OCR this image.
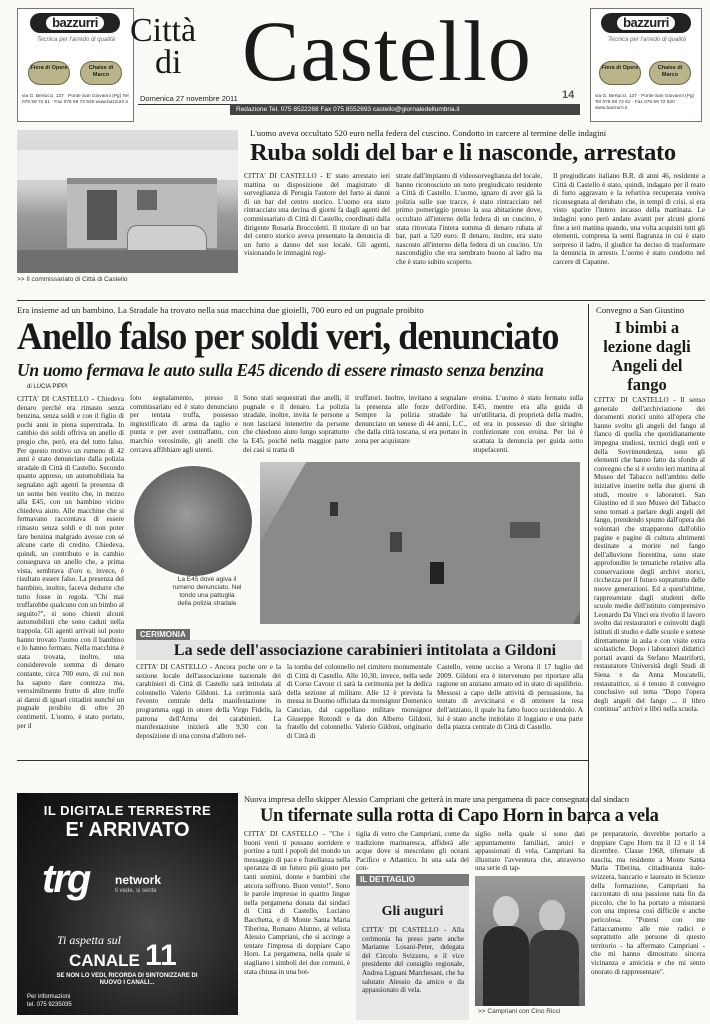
bazzurri
Tecnica per l'arredo di qualità
Fiera di Opere	Chaise di Marco
via G. Bertucci, 137 · Ponte San Giovanni (Pg) Tel 075 59 72 61 · Fax 075 59 72 620 www.bazzurri.it
bazzurri
Tecnica per l'arredo di qualità
Fiera di Opere	Chaise di Marco
via G. Bertucci, 137 · Ponte San Giovanni (Pg) Tel 075 59 72 61 · Fax 075 59 72 620 www.bazzurri.it
Città
di Castello
Domenica 27 novembre 2011	14
Redazione Tel. 075 8522268 Fax 075 8552693 castello@giornaledellumbria.it
>> Il commissariato di Città di Castello
L'uomo aveva occultato 520 euro nella federa del cuscino. Condotto in carcere al termine delle indagini
Ruba soldi del bar e li nasconde, arrestato
CITTA' DI CASTELLO - E' stato arrestato ieri mattina su disposizione del magistrato di sorveglianza di Perugia l'autore del furto ai danni di un bar del centro storico. L'uomo era stato rintracciato una decina di giorni fa dagli agenti del commissariato di Città di Castello, coordinati dalla dirigente Rosaria Broccoletti. Il titolare di un bar del centro storico aveva presentato la denuncia di un furto a danno del suo locale. Gli agenti, visionando le immagini regi-
strate dall'impianto di videosorveglianza del locale, hanno riconosciuto un noto pregiudicato residente a Città di Castello. L'uomo, ignaro di aver già la polizia sulle sue tracce, è stato rintracciato nel primo pomeriggio presso la sua abitazione dove, occultato all'interno della federa di un cuscino, è stata ritrovata l'intera somma di denaro rubata al bar, pari a 520 euro. Il denaro, inoltre, era stato nascosto all'interno della federa di un cuscino. Un nascondiglio che era sembrato buono al ladro ma che è stato subito scoperto.
Il pregiudicato italiano B.R. di anni 46, residente a Città di Castello è stato, quindi, indagato per il reato di furto aggravato e la refurtiva recuperata veniva riconsegnata al derubato che, in tempi di crisi, si era visto sparire l'intero incasso della mattinata. Le indagini sono però andate avanti per alcuni giorni fino a ieri mattina quando, una volta acquisiti tutti gli elementi, compresa la semi flagranza in cui è stato sorpreso il ladro, il giudice ha deciso di trasformare la denuncia in arresto. L'uomo è stato condotto nel carcere di Capanne.
Era insieme ad un bambino. La Stradale ha trovato nella sua macchina due gioielli, 700 euro ed un pugnale proibito
Anello falso per soldi veri, denunciato
Un uomo fermava le auto sulla E45 dicendo di essere rimasto senza benzina
di LUCIA PIPPI
CITTA' DI CASTELLO - Chiedeva denaro perché era rimasto senza benzina, senza soldi e con il figlio di pochi anni in piena superstrada. In cambio dei soldi offriva un anello di pregio che, però, era del tutto falso. Per questo motivo un rumeno di 42 anni è stato denunciato dalla polizia stradale di Città di Castello. Secondo quanto appreso, un automobilista ha segnalato agli agenti la presenza di un uomo ben vestito che, in mezzo alla E45, con un bambino vicino chiedeva aiuto. Alle macchine che si fermavano raccontava di essere rimasto senza soldi e di non poter fare benzina malgrado avesse con sé alcune carte di credito. Chiedeva, quindi, un contributo e in cambio consegnava un anello che, a prima vista, sembrava d'oro e, invece, è risultato essere falso. La presenza del bambino, inoltre, faceva dedurre che tutto fosse in regola. "Chi mai truffarebbe qualcuno con un bimbo al seguito?", si sono chiesti alcuni automobilisti che sono caduti nella trappola. Gli agenti arrivati sul posto hanno trovato l'uomo con il bambino e lo hanno fermato. Nella macchina è stata trovata, inoltre, una considerevole somma di denaro contante, circa 700 euro, di cui non ha saputo dare contezza ma, verosimilmente frutto di altre truffe ai danni di ignari cittadini nonché un pugnale proibito di oltre 20 centimetri. L'uomo, è stato portato, per il
foto segnalamento, presso il commissariato ed è stato denunciato per tentata truffa, possesso ingiustificato di arma da taglio e punta e per aver contraffatto, con marchio verosimile, gli anelli che cercava affibbiare agli utenti.
Sono stati sequestrati due anelli, il pugnale e il denaro. La polizia stradale, inoltre, invita le persone a non lasciarsi intenerire da persone che chiedono aiuto lungo soprattutto la E45, poiché nella maggior parte dei casi si tratta di
truffatori. Inoltre, invitano a segnalare la presenza alle forze dell'ordine. Sempre la polizia stradale ha denunciato un senese di 44 anni, L.C., che dalla città toscana, si era portato in zona per acquistare
eroina. L'uomo è stato fermato sulla E45, mentre era alla guida di un'utilitaria, di proprietà della madre, ed era in possesso di due siringhe confezionate con eroina. Per lui è scattata la denuncia per guida sotto stupefacenti.
La E45 dove agiva il rumeno denunciato. Nel tondo una pattuglia della polizia stradale
Convegno a San Giustino
I bimbi a lezione dagli Angeli del fango
CITTA' DI CASTELLO - Il senso generale dell'archiviazione dei documenti storici unito all'opera che hanno svolto gli angeli del fango al fianco di quella che quotidianamente impegna studiosi, tecnici degli enti e della Sovrintendenza, sono gli elementi che hanno fatto da sfondo al convegno che si è svolto ieri mattina al Museo del Tabacco nell'ambito delle iniziative inserite nella due giorni di studi, mostre e laboratori. San Giustino ed il suo Museo del Tabacco sono tornati a parlare degli angeli del fango, prendendo spunto dall'opera dei volontari che strapparono dall'oblio pagine e pagine di cultura altrimenti destinate a morire nel fango dell'alluvione fiorentina, sono state approfondite le tematiche relative alla conservazione degli archivi storici, ricchezza per il futuro soprattutto delle nuove generazioni. Ed a quest'ultime, rappresentate dagli studenti delle scuole medie dell'istituto comprensivo Leonardo Da Vinci era rivolto il lavoro svolto dai restauratori e coinvolti dagli istituti di studio e dalle scuole e sottese direttamente in aula e con visite extra scolastiche. Dopo i laboratori didattici portati avanti da Stefano Mastriforti, restauratore Università degli Studi di Siena e da Anna Moscatelli, restauratrice, si è tenuto il convegno conclusivo sul tema "Dopo l'opera degli angeli del fango ... il libro continua" archivi e libri nella scuola.
CERIMONIA
La sede dell'associazione carabinieri intitolata a Gildoni
CITTA' DI CASTELLO - Ancora poche ore e la sezione locale dell'associazione nazionale dei carabinieri di Città di Castello sarà intitolata al colonnello Valerio Gildoni. La cerimonia sarà l'evento centrale della manifestazione in programma oggi in onore della Virgo Fidelis, la patrona dell'Arma dei carabinieri. La manifestazione inizierà alle 9,30 con la deposizione di una corona d'alloro nel-
la tomba del colonnello nel cimitero monumentale di Città di Castello. Alle 10,30, invece, nella sede di Corso Cavour ci sarà la cerimonia per la dedica della sezione al militare. Alle 12 è prevista la messa in Duomo officiata da monsignor Domenico Cancian, dal cappellano militare monsignor Giuseppe Rotondi e da don Alberto Gildoni, fratello del colonnello. Valerio Gildoni, originario di Città di
Castello, venne ucciso a Verona il 17 luglio del 2009. Gildoni era è intervenuto per riportare alla ragione un anziano armato ed in stato di squilibrio. Messosi a capo delle attività di persuasione, ha tentato di avvicinarsi e di ottenere la resa dell'anziano, il quale ha fatto fuoco uccidendolo. A lui è stato anche intitolato il loggiato e una parte della piazza centrale di Città di Castello.
IL DIGITALE TERRESTRE
E' ARRIVATO
trg network
ti vede, si sente
Ti aspetta sul
CANALE 11
SE NON LO VEDI, RICORDA DI SINTONIZZARE DI NUOVO I CANALI...
Per informazioni
tel. 075 9235035
Nuova impresa dello skipper Alessio Campriani che getterà in mare una pergamena di pace consegnata dal sindaco
Un tifernate sulla rotta di Capo Horn in barca a vela
CITTA' DI CASTELLO - "Che i buoni venti ti possano sorridere e portino a tutti i popoli del mondo un messaggio di pace e fratellanza nella speranza di un futuro più giusto per tanti uomini, donne e bambini che ancora soffrono. Buon vento!". Sono le parole impresse in quattro lingue nella pergamena donata dai sindaci di Città di Castello, Luciano Bacchetta, e di Monte Santa Maria Tiberina, Romano Alunno, al velista Alessio Campriani, che si accinge a tentare l'impresa di doppiare Capo Horn. La pergamena, nella quale si stagliano i simboli dei due comuni, è stata chiusa in una bot-
tiglia di vetro che Campriani, come da tradizione marinaresca, affiderà alle acque dove si mescolano gli oceani Pacifico e Atlantico. In una sala del con-
IL DETTAGLIO
Gli auguri
CITTA' DI CASTELLO - Alla cerimonia ha preso parte anche Marianne Losani-Peter, delegata del Circolo Svizzero, e il vice presidente del consiglio regionale, Andrea Lignani Marchesani, che ha salutato Alessio da amico e da appassionato di vela.
siglio nella quale si sono dati appuntamento familiari, amici e appassionati di vela, Campriani ha illustrato l'avventura che, attraverso una serie di tap-
>> Campriani con Cino Ricci
pe preparatorie, dovrebbe portarlo a doppiare Capo Horn tra il 12 e il 14 dicembre. Classe 1968, tifernate di nascita, ma residente a Monte Santa Maria Tiberina, cittadinanza italo-svizzera, bancario e laureato in Scienze della formazione, Campriani ha raccontato di una passione nata fin da piccolo, che lo ha portato a misurarsi con una impresa così difficile e anche pericolosa. "Potersi con me l'attaccamento alle mie radici e soprattutto alle persone di questo territorio - ha affermato Campriani - che mi hanno dimostrato sincera vicinanza e amicizia e che mi sento onorato di rappresentare".
